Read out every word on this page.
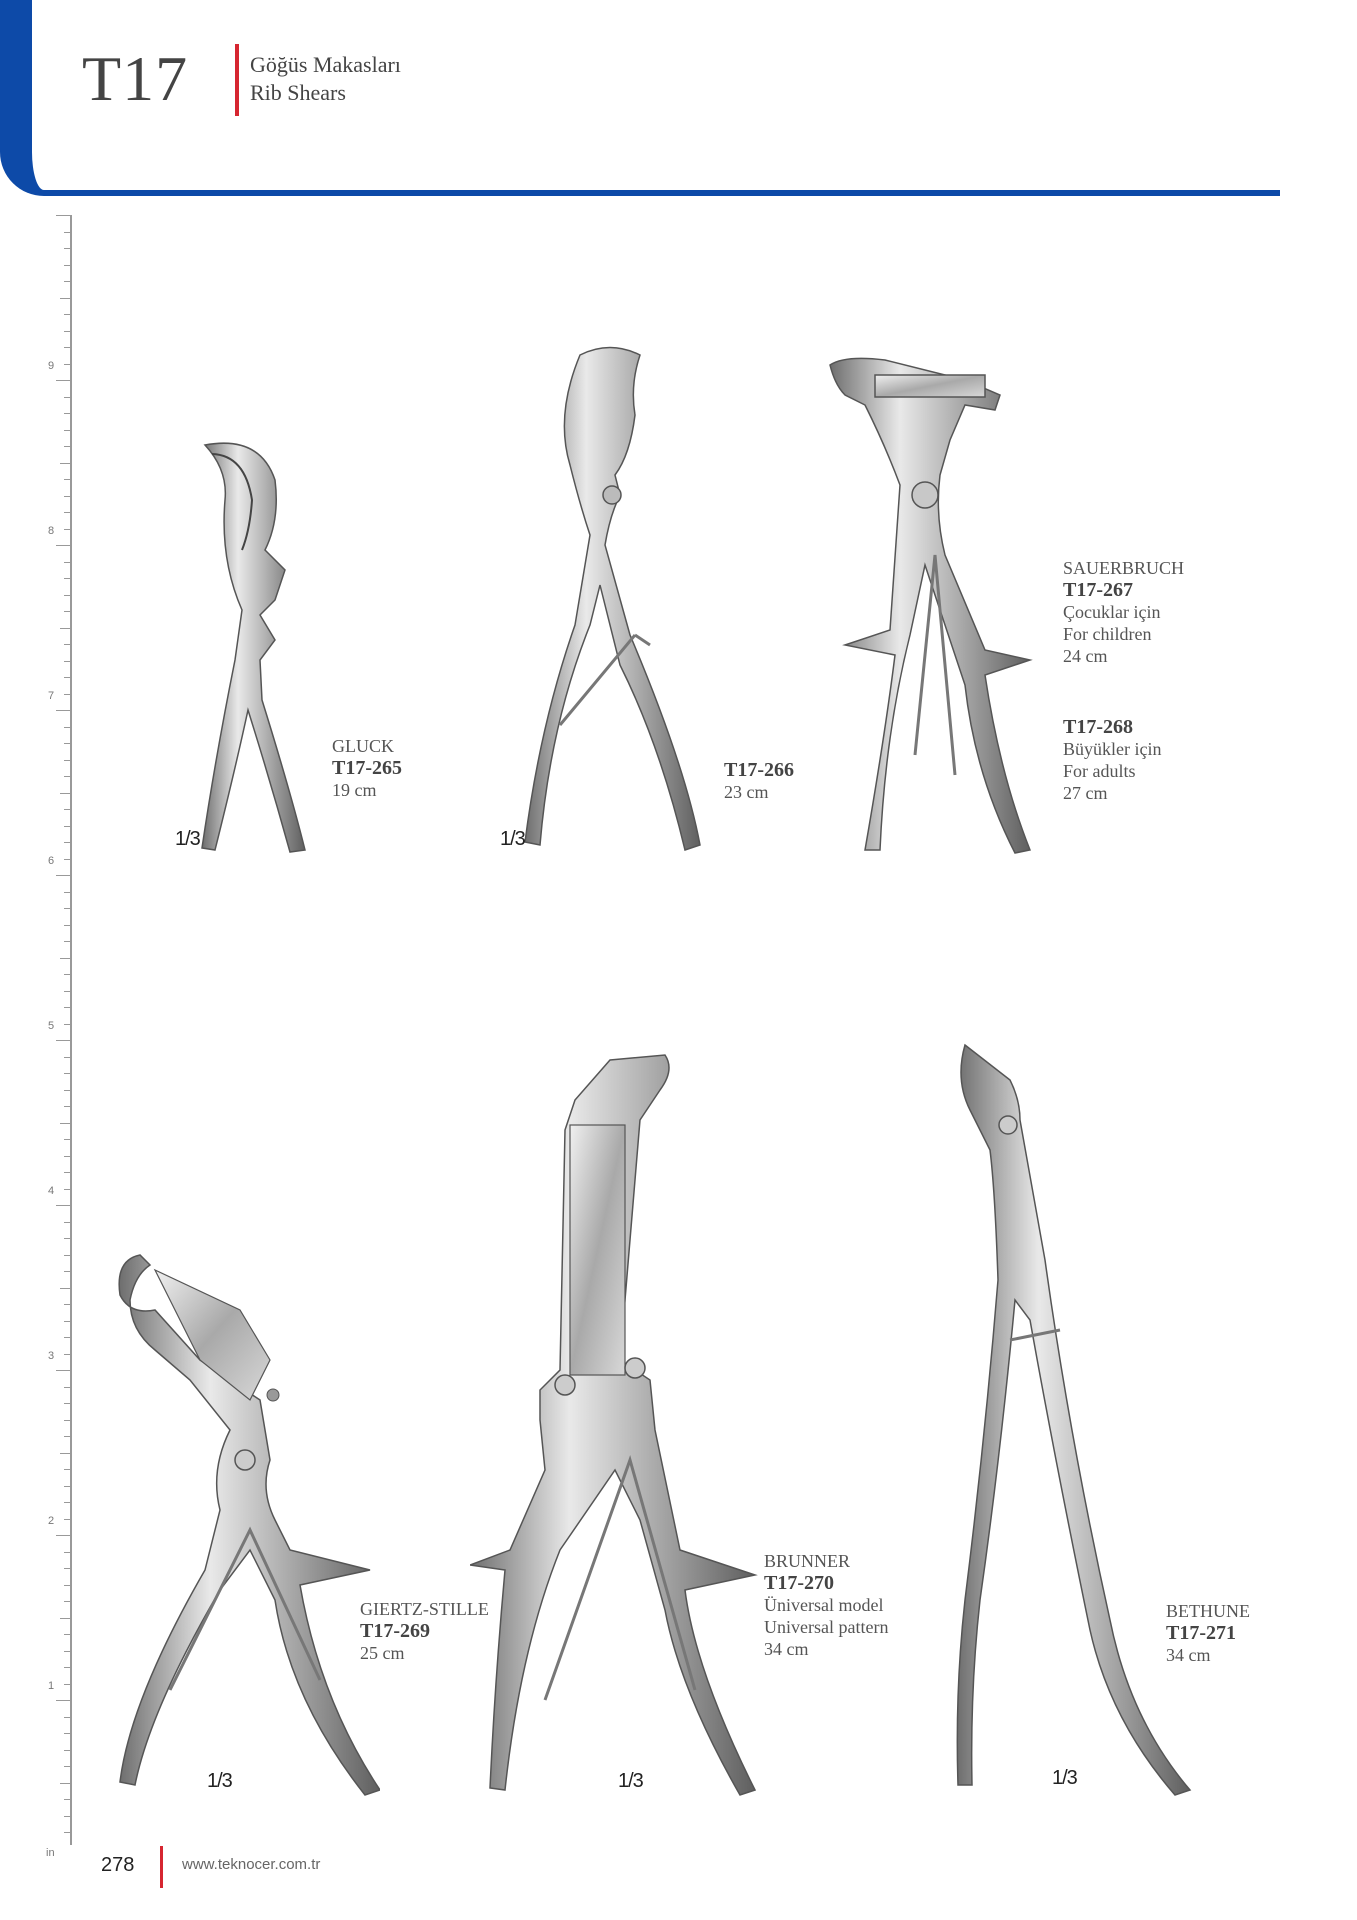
T17	Göğüs Makasları
Rib Shears
9
8
7
6
5
4
3
2
1
in
1/3
GLUCK
T17-265
19 cm
1/3
T17-266
23 cm
SAUERBRUCH
T17-267
Çocuklar için
For children
24 cm
T17-268
Büyükler için
For adults
27 cm
1/3
GIERTZ-STILLE
T17-269
25 cm
1/3
BRUNNER
T17-270
Üniversal model
Universal pattern
34 cm
1/3
BETHUNE
T17-271
34 cm
278	www.teknocer.com.tr
